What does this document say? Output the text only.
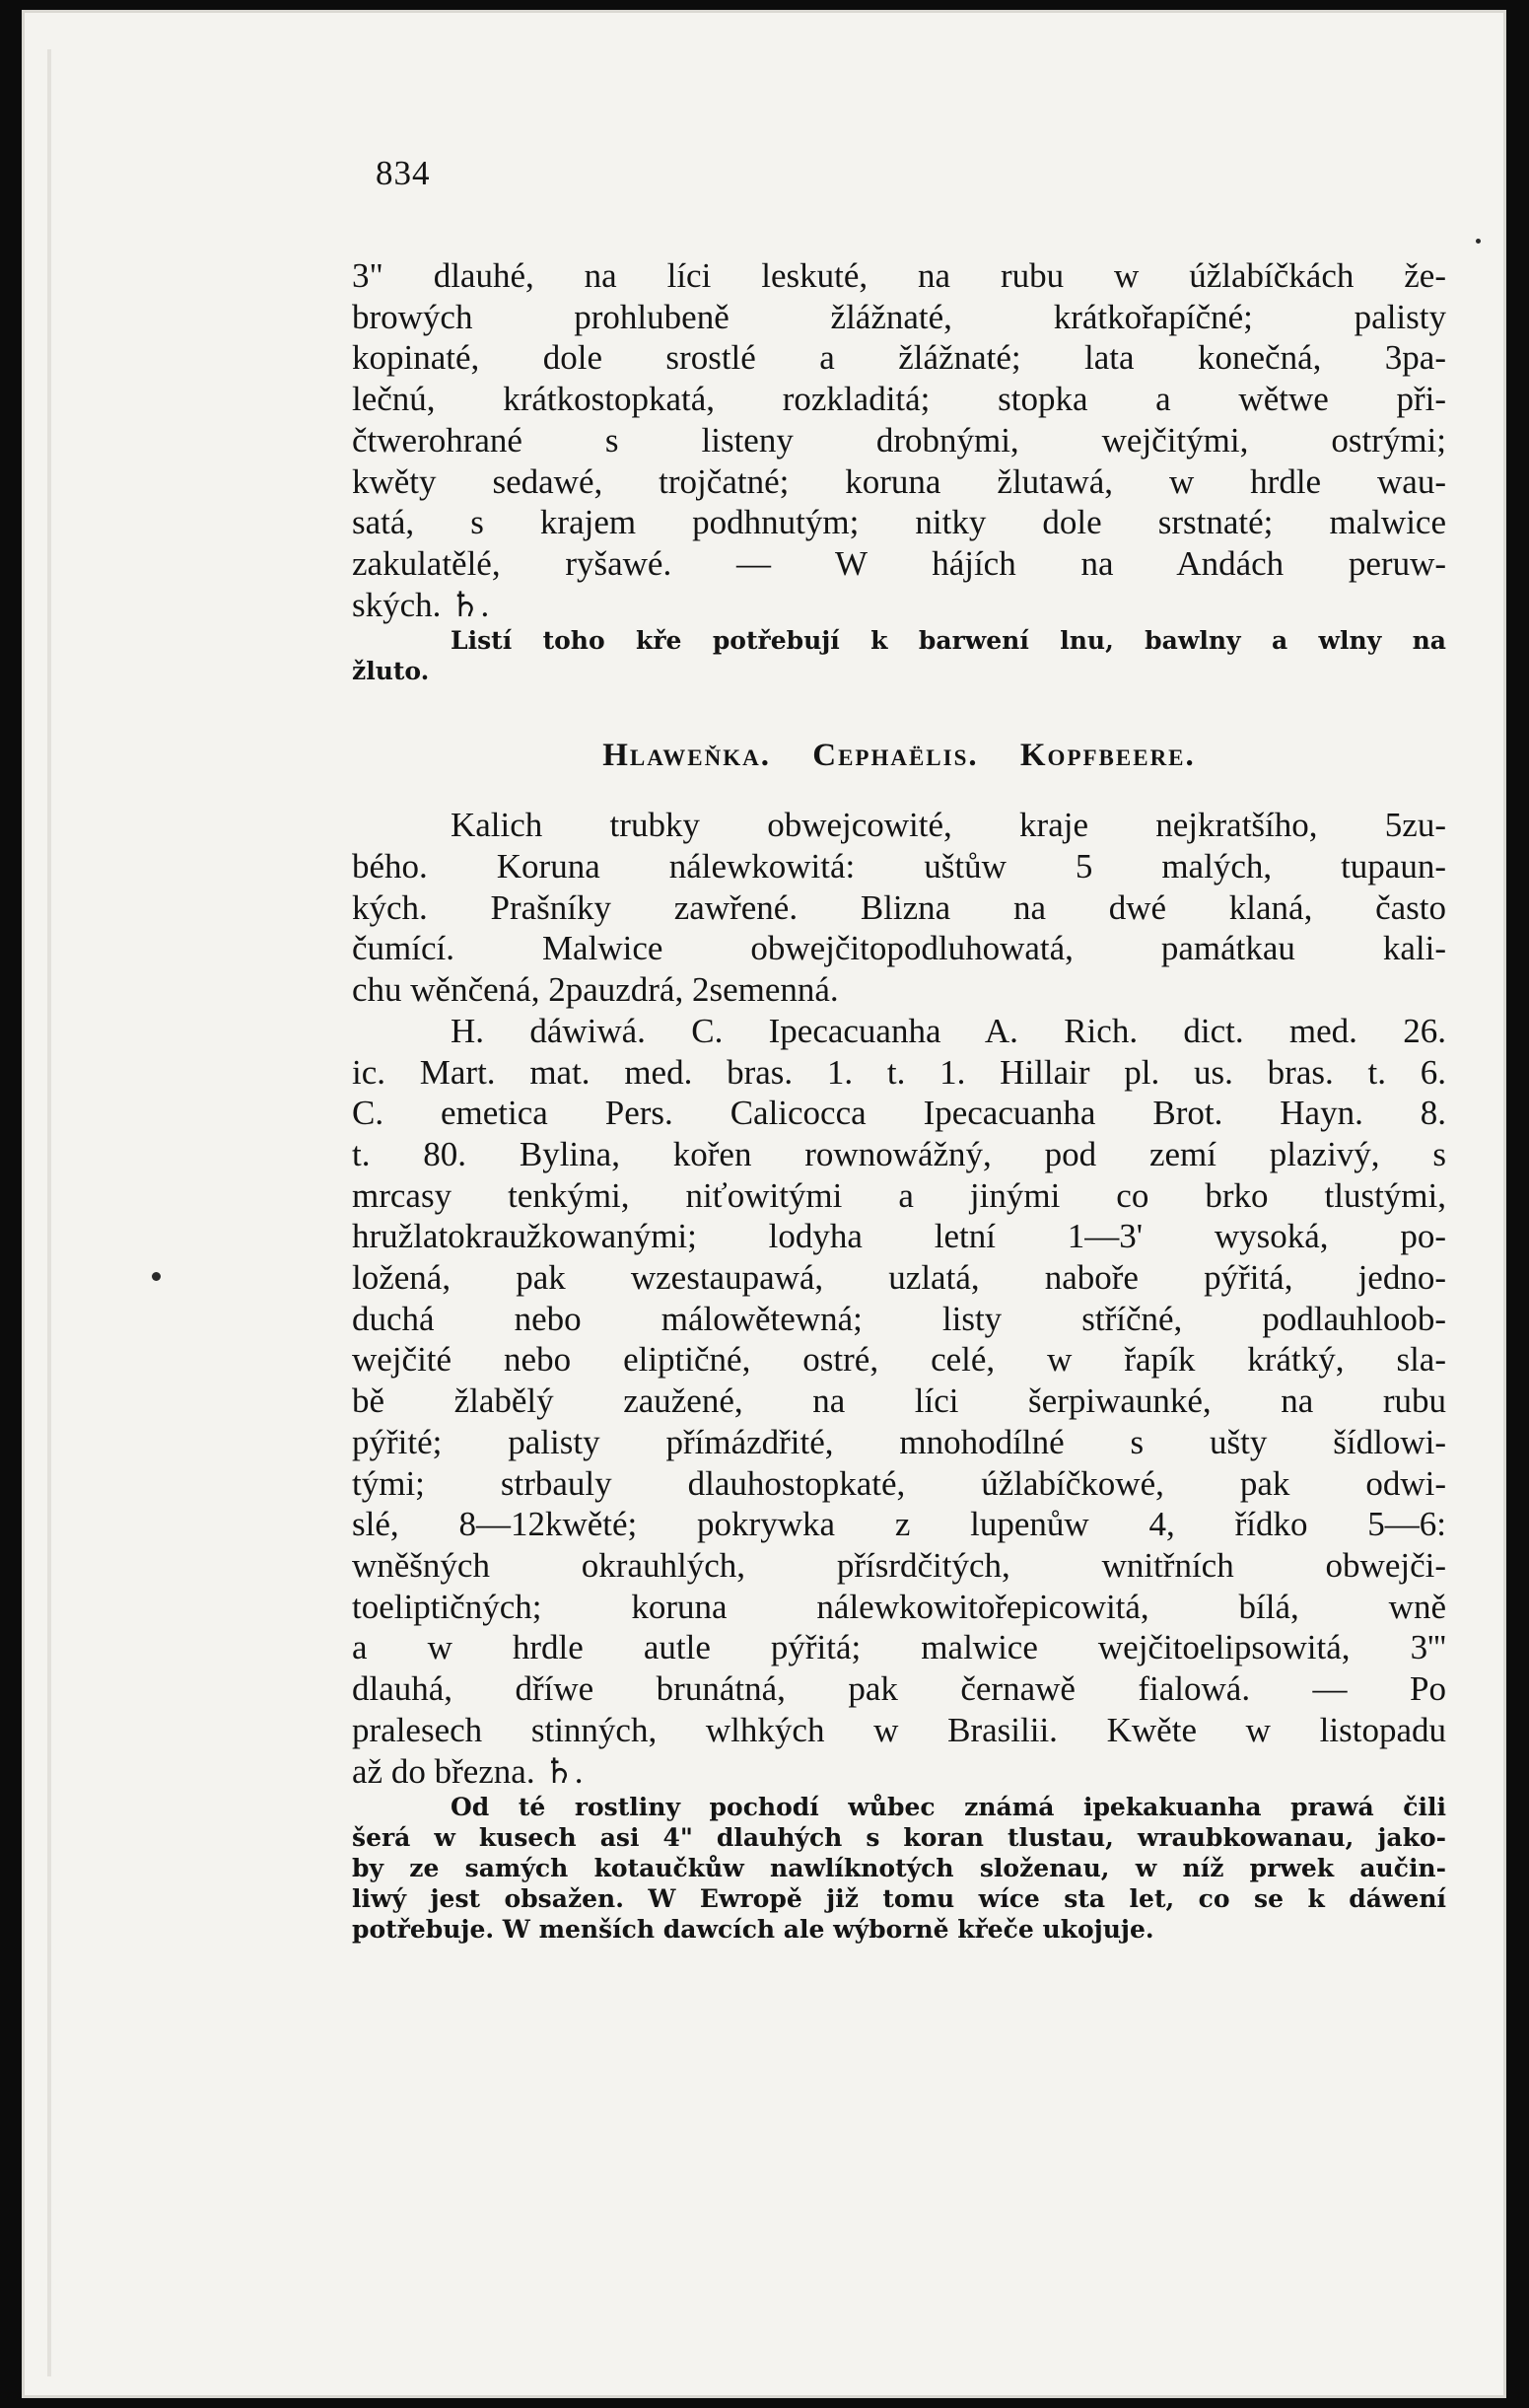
834
3" dlauhé, na líci leskuté, na rubu w úžlabíčkách že-
browých prohlubeně žlážnaté, krátkořapíčné; palisty
kopinaté, dole srostlé a žlážnaté; lata konečná, 3pa-
lečnú, krátkostopkatá, rozkladitá; stopka a wětwe při-
čtwerohrané s listeny drobnými, wejčitými, ostrými;
kwěty sedawé, trojčatné; koruna žlutawá, w hrdle wau-
satá, s krajem podhnutým; nitky dole srstnaté; malwice
zakulatělé, ryšawé. — W hájích na Andách peruw-
ských. ♄.
Listí toho kře potřebují k barwení lnu, bawlny a wlny na
žluto.
Hlaweňka. Cephaëlis. Kopfbeere.
Kalich trubky obwejcowité, kraje nejkratšího, 5zu-
bého. Koruna nálewkowitá: uštůw 5 malých, tupaun-
kých. Prašníky zawřené. Blizna na dwé klaná, často
čumící. Malwice obwejčitopodluhowatá, památkau kali-
chu wěnčená, 2pauzdrá, 2semenná.
H. dáwiwá. C. Ipecacuanha A. Rich. dict. med. 26.
ic. Mart. mat. med. bras. 1. t. 1. Hillair pl. us. bras. t. 6.
C. emetica Pers. Calicocca Ipecacuanha Brot. Hayn. 8.
t. 80. Bylina, kořen rownowážný, pod zemí plazivý, s
mrcasy tenkými, niťowitými a jinými co brko tlustými,
hružlatokraužkowanými; lodyha letní 1—3' wysoká, po-
ložená, pak wzestaupawá, uzlatá, naboře pýřitá, jedno-
duchá nebo málowětewná; listy stříčné, podlauhloob-
wejčité nebo eliptičné, ostré, celé, w řapík krátký, sla-
bě žlabělý zaužené, na líci šerpiwaunké, na rubu
pýřité; palisty přímázdřité, mnohodílné s ušty šídlowi-
tými; strbauly dlauhostopkaté, úžlabíčkowé, pak odwi-
slé, 8—12kwěté; pokrywka z lupenůw 4, řídko 5—6:
wněšných okrauhlých, přísrdčitých, wnitřních obwejči-
toeliptičných; koruna nálewkowitořepicowitá, bílá, wně
a w hrdle autle pýřitá; malwice wejčitoelipsowitá, 3'''
dlauhá, dříwe brunátná, pak černawě fialowá. — Po
pralesech stinných, wlhkých w Brasilii. Kwěte w listopadu
až do března. ♄.
Od té rostliny pochodí wůbec známá ipekakuanha prawá čili
šerá w kusech asi 4" dlauhých s koran tlustau, wraubkowanau, jako-
by ze samých kotaučkůw nawlíknotých složenau, w níž prwek aučin-
liwý jest obsažen. W Ewropě již tomu wíce sta let, co se k dáwení
potřebuje. W menších dawcích ale wýborně křeče ukojuje.
